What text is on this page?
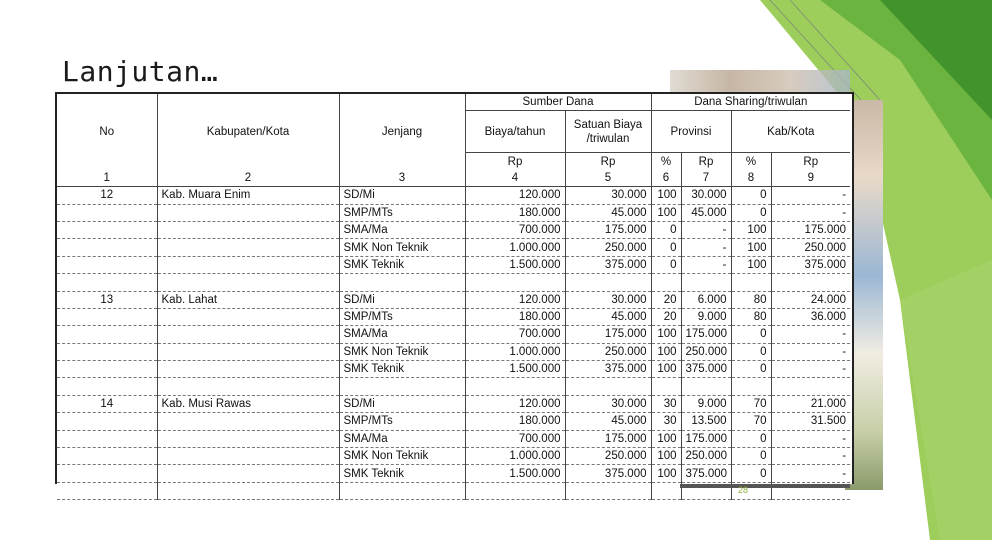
Lanjutan…
			Sumber Dana		Dana Sharing/triwulan			
No	Kabupaten/Kota	Jenjang	Biaya/tahun	Satuan Biaya /triwulan	Provinsi		Kab/Kota	
			Rp	Rp	%	Rp	%	Rp
1	2	3	4	5	6	7	8	9
12	Kab. Muara Enim	SD/Mi	120.000	30.000	100	30.000	0	-
		SMP/MTs	180.000	45.000	100	45.000	0	-
		SMA/Ma	700.000	175.000	0	-	100	175.000
		SMK Non Teknik	1.000.000	250.000	0	-	100	250.000
		SMK Teknik	1.500.000	375.000	0	-	100	375.000

13	Kab. Lahat	SD/Mi	120.000	30.000	20	6.000	80	24.000
		SMP/MTs	180.000	45.000	20	9.000	80	36.000
		SMA/Ma	700.000	175.000	100	175.000	0	-
		SMK Non Teknik	1.000.000	250.000	100	250.000	0	-
		SMK Teknik	1.500.000	375.000	100	375.000	0	-

14	Kab. Musi Rawas	SD/Mi	120.000	30.000	30	9.000	70	21.000
		SMP/MTs	180.000	45.000	30	13.500	70	31.500
		SMA/Ma	700.000	175.000	100	175.000	0	-
		SMK Non Teknik	1.000.000	250.000	100	250.000	0	-
		SMK Teknik	1.500.000	375.000	100	375.000	0	-

28
